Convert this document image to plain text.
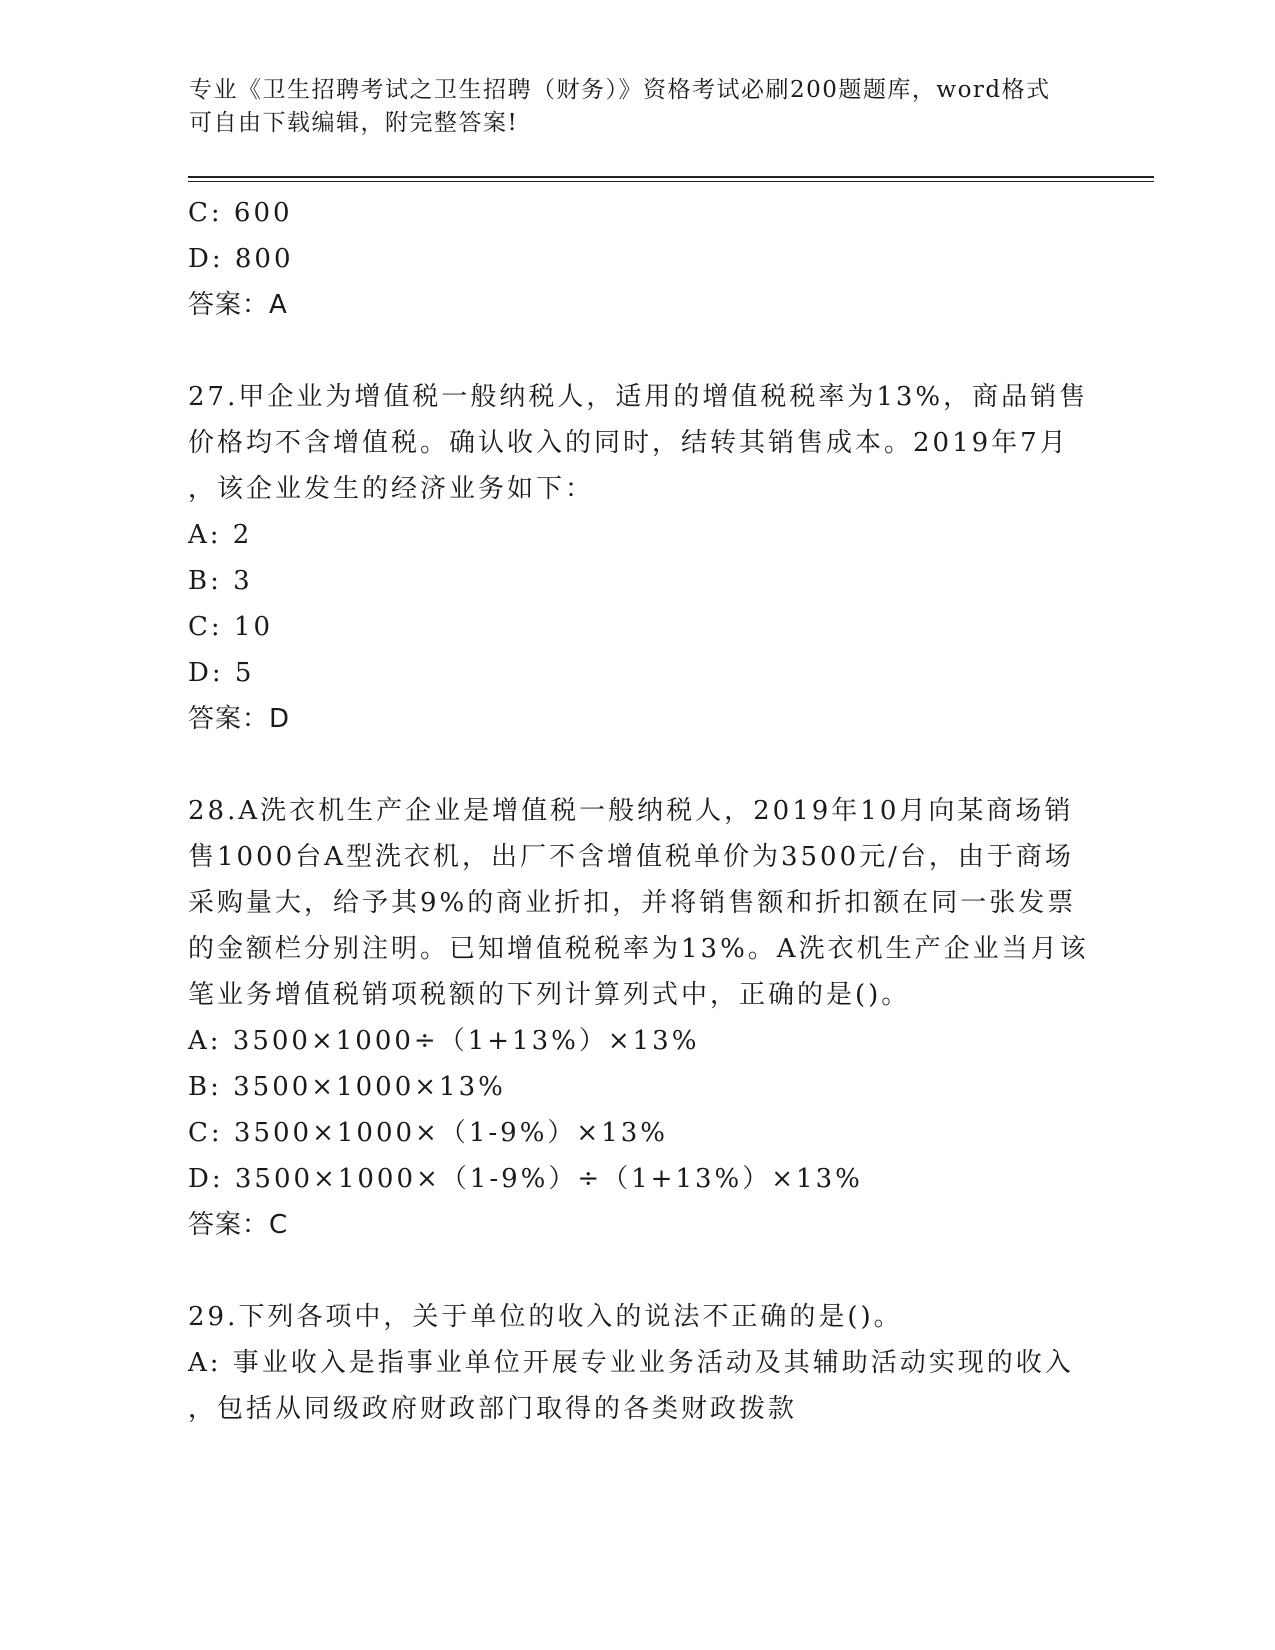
专业《卫生招聘考试之卫生招聘（财务）》资格考试必刷200题题库，word格式
可自由下载编辑，附完整答案!
C: 600
D: 800
答案：A
27.甲企业为增值税一般纳税人，适用的增值税税率为13%，商品销售
价格均不含增值税。确认收入的同时，结转其销售成本。2019年7月
，该企业发生的经济业务如下：
A: 2
B: 3
C: 10
D: 5
答案：D
28.A洗衣机生产企业是增值税一般纳税人，2019年10月向某商场销
售1000台A型洗衣机，出厂不含增值税单价为3500元/台，由于商场
采购量大，给予其9%的商业折扣，并将销售额和折扣额在同一张发票
的金额栏分别注明。已知增值税税率为13%。A洗衣机生产企业当月该
笔业务增值税销项税额的下列计算列式中，正确的是()。
A: 3500×1000÷（1+13%）×13%
B: 3500×1000×13%
C: 3500×1000×（1-9%）×13%
D: 3500×1000×（1-9%）÷（1+13%）×13%
答案：C
29.下列各项中，关于单位的收入的说法不正确的是()。
A: 事业收入是指事业单位开展专业业务活动及其辅助活动实现的收入
，包括从同级政府财政部门取得的各类财政拨款
